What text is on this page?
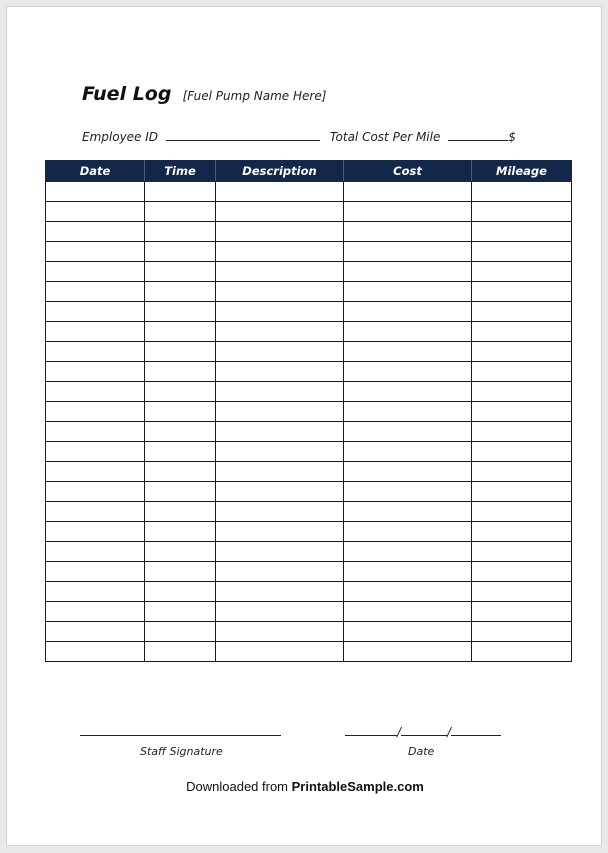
Fuel Log [Fuel Pump Name Here]
Employee ID	Total Cost Per Mile	$
Date	Time	Description	Cost	Mileage

/	/
Staff Signature	Date
Downloaded from PrintableSample.com
